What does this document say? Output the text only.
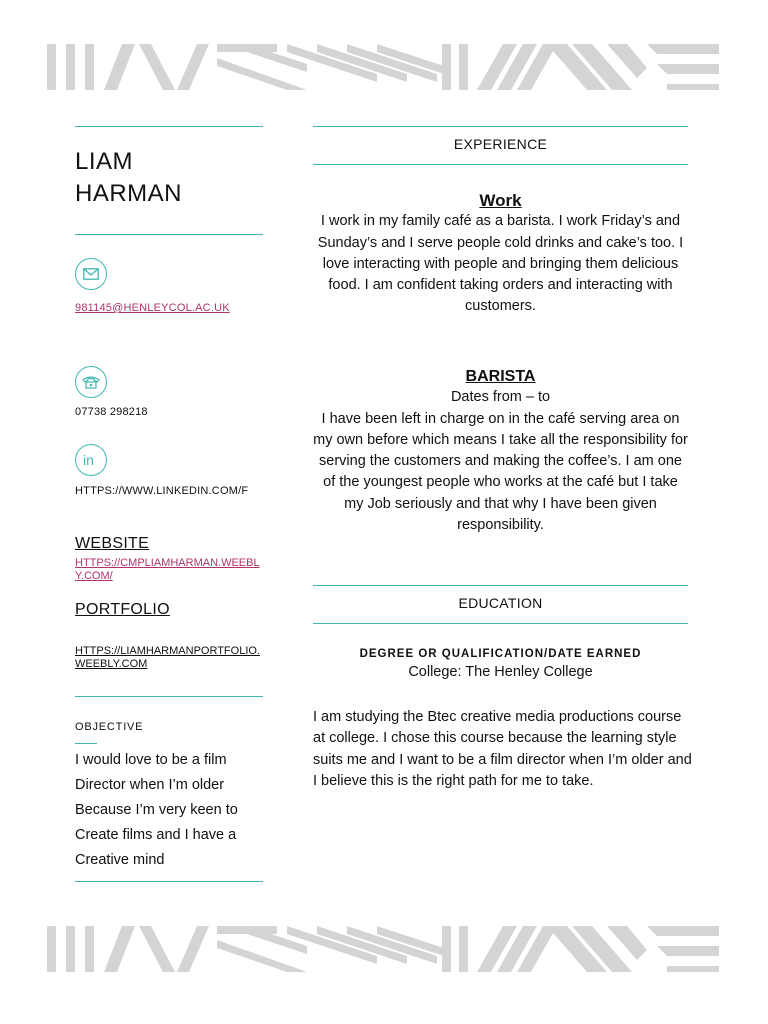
LIAM
HARMAN
981145@HENLEYCOL.AC.UK
07738 298218
in
HTTPS://WWW.LINKEDIN.COM/F
WEBSITE
HTTPS://CMPLIAMHARMAN.WEEBLY.COM/
PORTFOLIO
HTTPS://LIAMHARMANPORTFOLIO.WEEBLY.COM
OBJECTIVE
I would love to be a film
Director when I’m older
Because I’m very keen to
Create films and I have a
Creative mind
EXPERIENCE
Work
I work in my family café as a barista. I work Friday’s and Sunday’s and I serve people cold drinks and cake’s too. I love interacting with people and bringing them delicious food. I am confident taking orders and interacting with customers.
BARISTA
Dates from – to
I have been left in charge on in the café serving area on my own before which means I take all the responsibility for serving the customers and making the coffee’s. I am one of the youngest people who works at the café but I take my Job seriously and that why I have been given responsibility.
EDUCATION
DEGREE OR QUALIFICATION/DATE EARNED
College: The Henley College
I am studying the Btec creative media productions course at college. I chose this course because the learning style suits me and I want to be a film director when I’m older and I believe this is the right path for me to take.
